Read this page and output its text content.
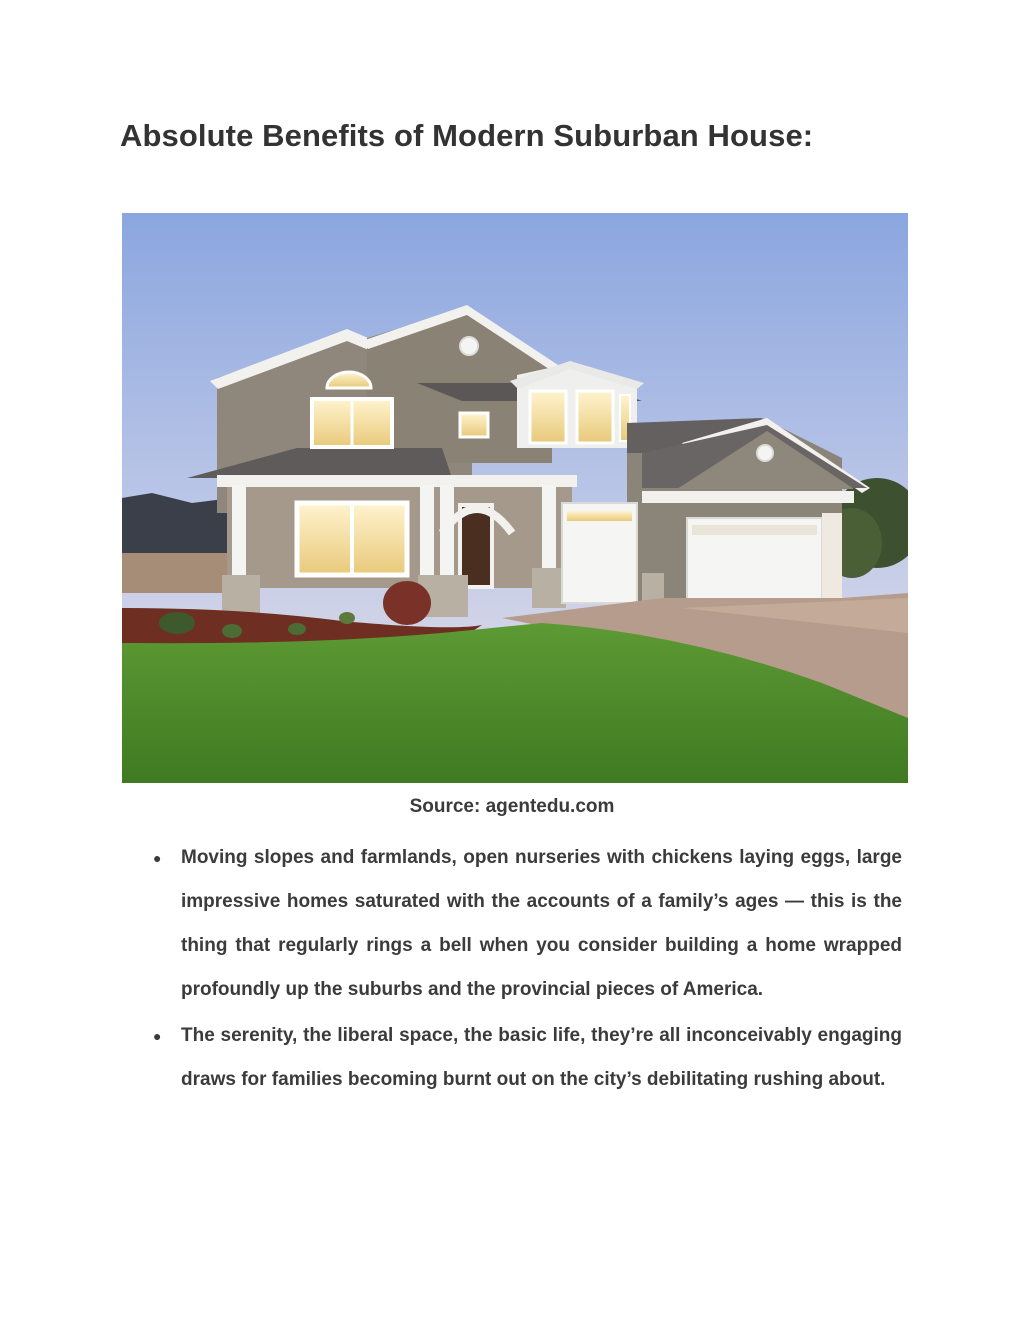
Absolute Benefits of Modern Suburban House:
Source: agentedu.com
● Moving slopes and farmlands, open nurseries with chickens laying eggs, large impressive homes saturated with the accounts of a family’s ages — this is the thing that regularly rings a bell when you consider building a home wrapped profoundly up the suburbs and the provincial pieces of America.
● The serenity, the liberal space, the basic life, they’re all inconceivably engaging draws for families becoming burnt out on the city’s debilitating rushing about.
